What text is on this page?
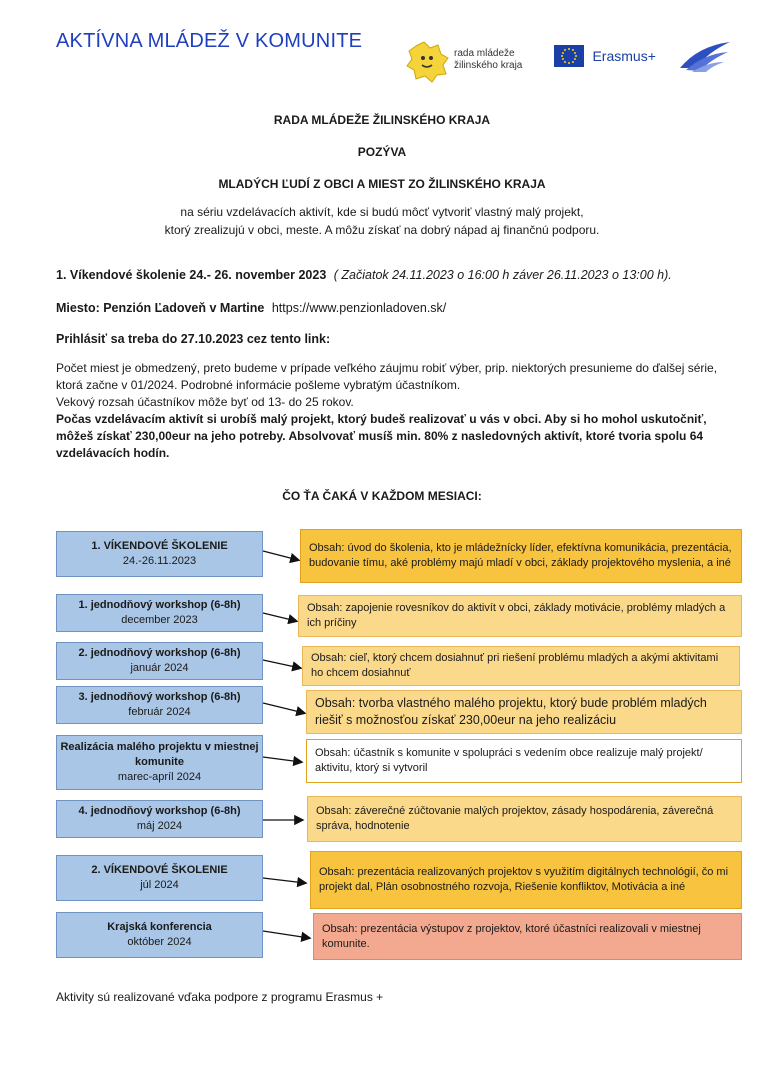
AKTÍVNA MLÁDEŽ V KOMUNITE
rada mládeže
žilinského kraja
Erasmus+
RADA MLÁDEŽE ŽILINSKÉHO KRAJA
POZÝVA
MLADÝCH ĽUDÍ Z OBCI A MIEST ZO ŽILINSKÉHO KRAJA
na sériu vzdelávacích aktivít, kde si budú môcť vytvoriť vlastný malý projekt,
ktorý zrealizujú v obci, meste. A môžu získať na dobrý nápad aj finančnú podporu.
1. Víkendové školenie 24.- 26. november 2023 ( Začiatok 24.11.2023 o 16:00 h záver 26.11.2023 o 13:00 h).
Miesto: Penzión Ľadoveň v Martine https://www.penzionladoven.sk/
Prihlásiť sa treba do 27.10.2023 cez tento link:
Počet miest je obmedzený, preto budeme v prípade veľkého záujmu robiť výber, prip. niektorých presunieme do ďalšej série, ktorá začne v 01/2024. Podrobné informácie pošleme vybratým účastníkom.
Vekový rozsah účastníkov môže byť od 13- do 25 rokov.
Počas vzdelávacím aktivít si urobíš malý projekt, ktorý budeš realizovať u vás v obci. Aby si ho mohol uskutočniť, môžeš získať 230,00eur na jeho potreby. Absolvovať musíš min. 80% z nasledovných aktivít, ktoré tvoria spolu 64 vzdelávacích hodín.
ČO ŤA ČAKÁ V KAŽDOM MESIACI:
1. VÍKENDOVÉ ŠKOLENIE
24.-26.11.2023
Obsah: úvod do školenia, kto je mládežnícky líder, efektívna komunikácia, prezentácia, budovanie tímu, aké problémy majú mladí v obci, základy projektového myslenia, a iné
1. jednodňový workshop (6-8h)
december 2023
Obsah: zapojenie rovesníkov do aktivít v obci, základy motivácie, problémy mladých a ich príčiny
2. jednodňový workshop (6-8h)
január 2024
Obsah: cieľ, ktorý chcem dosiahnuť pri riešení problému mladých a akými aktivitami ho chcem dosiahnuť
3. jednodňový workshop (6-8h)
február 2024
Obsah: tvorba vlastného malého projektu, ktorý bude problém mladých riešiť s možnosťou získať 230,00eur na jeho realizáciu
Realizácia malého projektu v miestnej komunite
marec-apríl 2024
Obsah: účastník s komunite v spolupráci s vedením obce realizuje malý projekt/ aktivitu, ktorý si vytvoril
4. jednodňový workshop (6-8h)
máj 2024
Obsah: záverečné zúčtovanie malých projektov, zásady hospodárenia, záverečná správa, hodnotenie
2. VÍKENDOVÉ ŠKOLENIE
júl 2024
Obsah: prezentácia realizovaných projektov s využitím digitálnych technológií, čo mi projekt dal, Plán osobnostného rozvoja, Riešenie konfliktov, Motivácia a iné
Krajská konferencia
október 2024
Obsah: prezentácia výstupov z projektov, ktoré účastníci realizovali v miestnej komunite.
Aktivity sú realizované vďaka podpore z programu Erasmus +
